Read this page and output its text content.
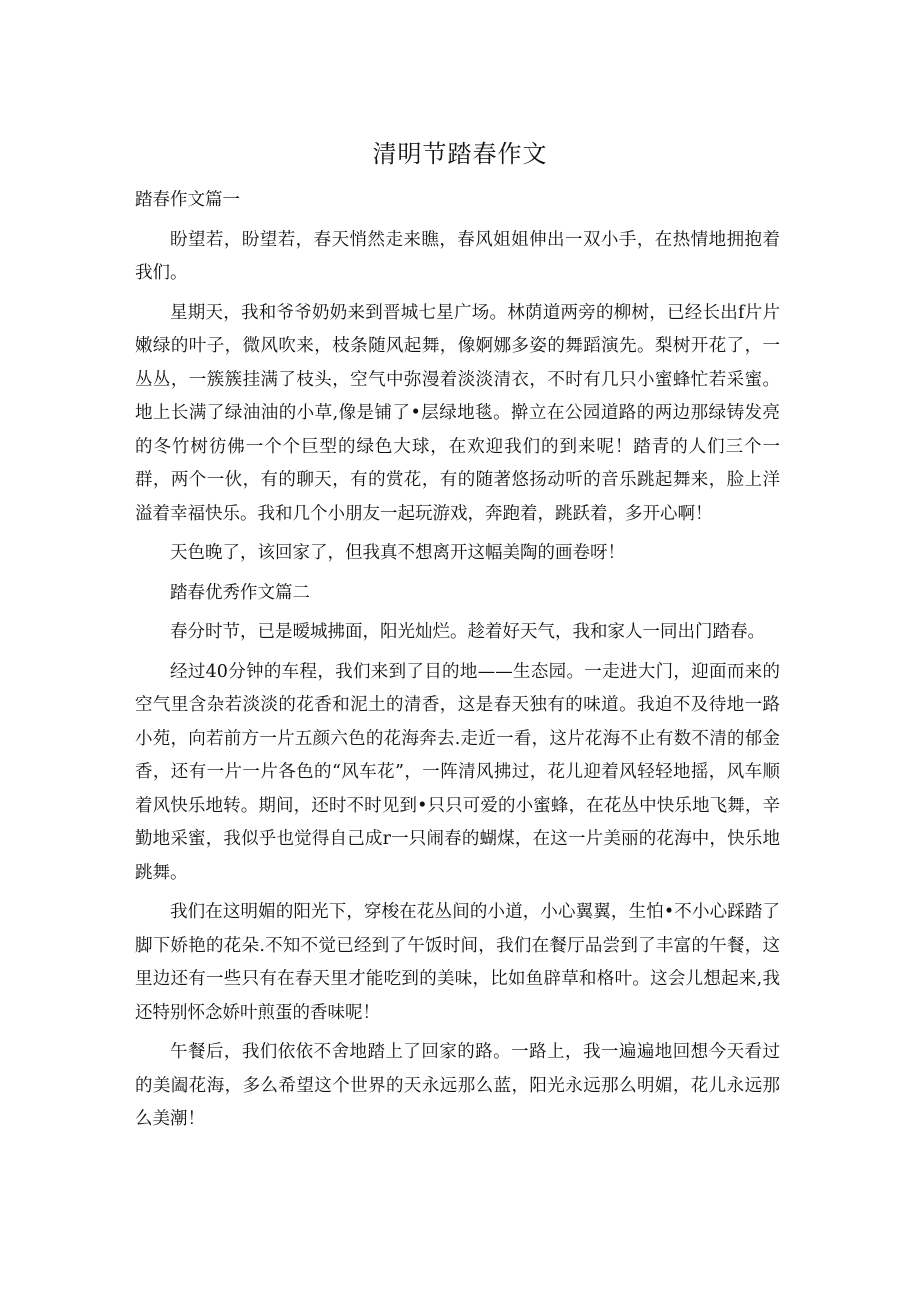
清明节踏春作文

踏春作文篇一

盼望若，盼望若，春天悄然走来瞧，春风姐姐伸出一双小手，在热情地拥抱着我们。

星期天，我和爷爷奶奶来到晋城七星广场。林荫道两旁的柳树，已经长出f片片嫩绿的叶子，微风吹来，枝条随风起舞，像婀娜多姿的舞蹈演先。梨树开花了，一丛丛，一簇簇挂满了枝头，空气中弥漫着淡淡清衣，不时有几只小蜜蜂忙若采蜜。地上长满了绿油油的小草,像是铺了•层绿地毯。擀立在公园道路的两边那绿铸发亮的冬竹树彷佛一个个巨型的绿色大球，在欢迎我们的到来呢！踏青的人们三个一群，两个一伙，有的聊天，有的赏花，有的随著悠扬动听的音乐跳起舞来，脸上洋溢着幸福快乐。我和几个小朋友一起玩游戏，奔跑着，跳跃着，多开心啊！

天色晚了，该回家了，但我真不想离开这幅美陶的画卷呀！

踏春优秀作文篇二

春分时节，已是暧城拂面，阳光灿烂。趁着好天气，我和家人一同出门踏春。

经过40分钟的车程，我们来到了目的地——生态园。一走进大门，迎面而来的空气里含杂若淡淡的花香和泥土的清香，这是春天独有的味道。我迫不及待地一路小苑，向若前方一片五颜六色的花海奔去.走近一看，这片花海不止有数不清的郁金香，还有一片一片各色的“风车花”，一阵清风拂过，花儿迎着风轻轻地摇，风车顺着风快乐地转。期间，还时不时见到•只只可爱的小蜜蜂，在花丛中快乐地飞舞，辛勤地采蜜，我似乎也觉得自己成r一只闹春的蝴煤，在这一片美丽的花海中，快乐地跳舞。

我们在这明媚的阳光下，穿梭在花丛间的小道，小心翼翼，生怕•不小心踩踏了脚下娇艳的花朵.不知不觉已经到了午饭时间，我们在餐厅品尝到了丰富的午餐，这里边还有一些只有在春天里才能吃到的美味，比如鱼辟草和格叶。这会儿想起来,我还特别怀念娇叶煎蛋的香味呢！

午餐后，我们依依不舍地踏上了回家的路。一路上，我一遍遍地回想今天看过的美阖花海，多么希望这个世界的天永远那么蓝，阳光永远那么明媚，花儿永远那么美潮！
